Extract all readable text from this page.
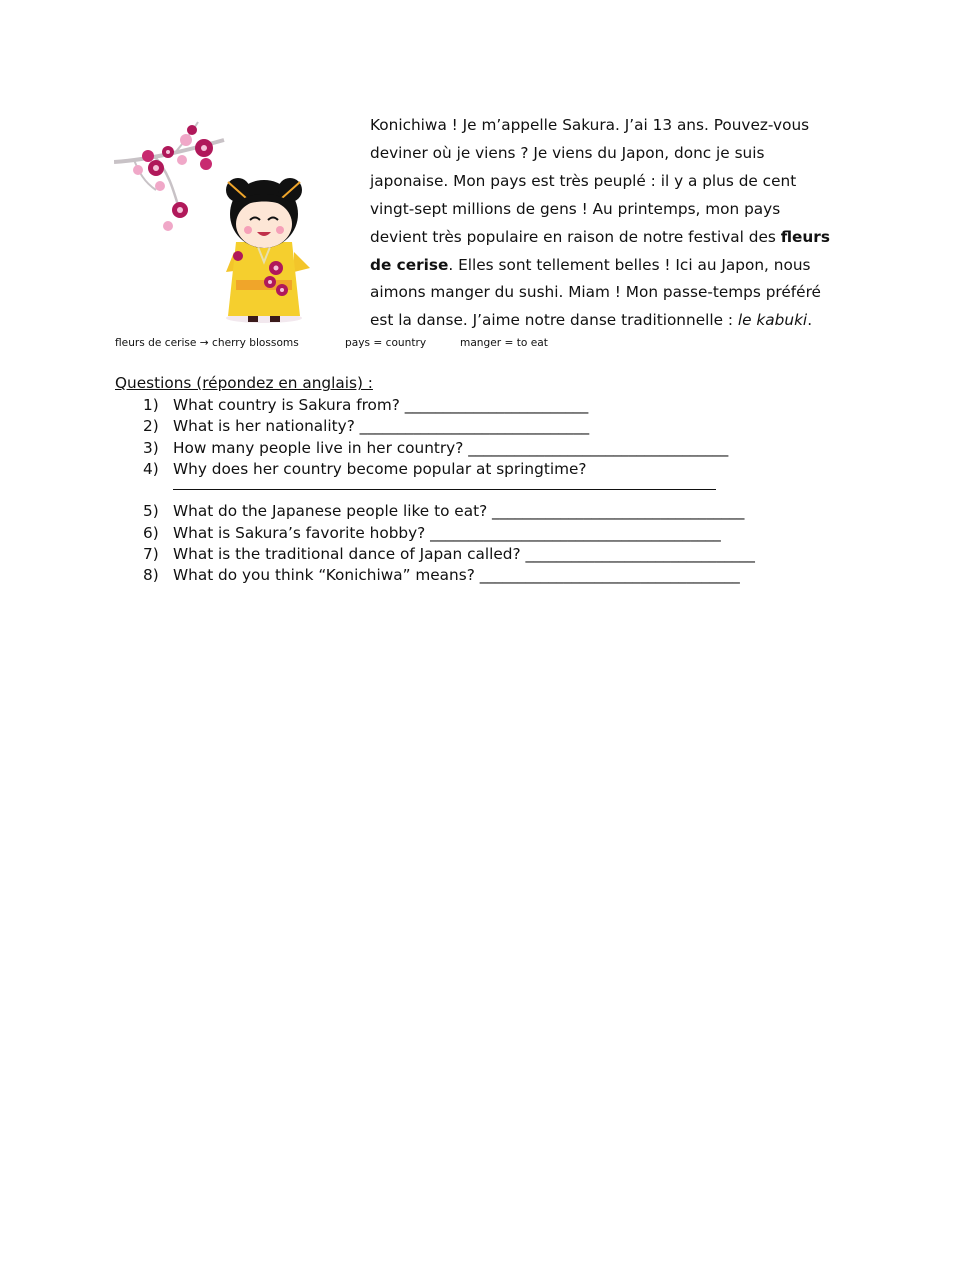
Konichiwa ! Je m’appelle Sakura. J’ai 13 ans. Pouvez-vous
deviner où je viens ? Je viens du Japon, donc je suis
japonaise. Mon pays est très peuplé : il y a plus de cent
vingt-sept millions de gens ! Au printemps, mon pays
devient très populaire en raison de notre festival des fleurs
de cerise. Elles sont tellement belles ! Ici au Japon, nous
aimons manger du sushi. Miam ! Mon passe-temps préféré
est la danse. J’aime notre danse traditionnelle : le kabuki.

fleurs de cerise → cherry blossoms	pays = country	manger = to eat
Questions (répondez en anglais) :
1) What country is Sakura from? ________________________
2) What is her nationality? ______________________________
3) How many people live in her country? __________________________________
4) Why does her country become popular at springtime?
5) What do the Japanese people like to eat? _________________________________
6) What is Sakura’s favorite hobby? ______________________________________
7) What is the traditional dance of Japan called? ______________________________
8) What do you think “Konichiwa” means? __________________________________
